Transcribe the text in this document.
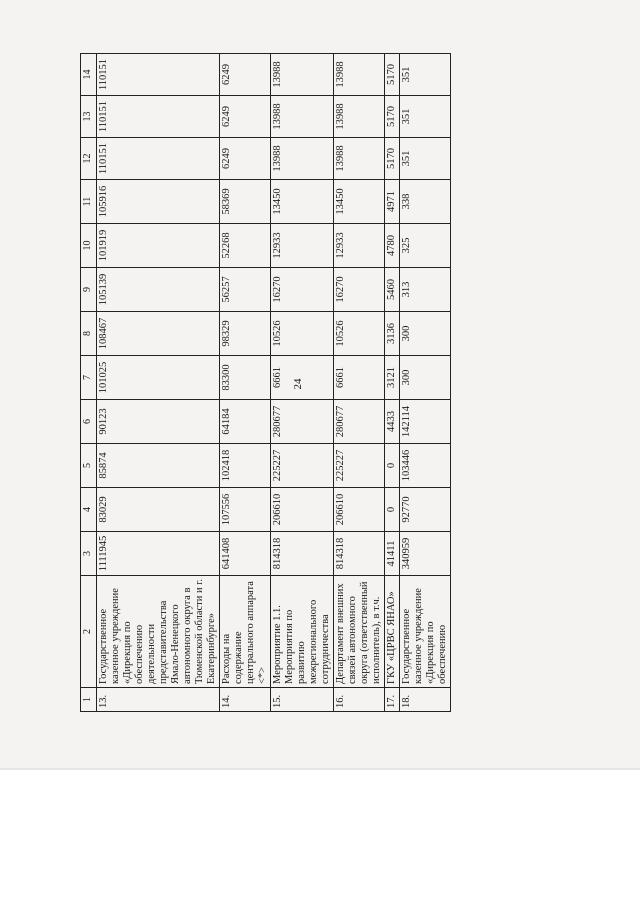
24
1	2	3	4	5	6	7	8	9	10	11	12	13	14
13.	Государственное казенное учреждение «Дирекция по обеспечению деятельности представительства Ямало-Ненецкого автономного округа в Тюменской области и г. Екатеринбурге»	1111945	83029	85874	90123	101025	108467	105139	101919	105916	110151	110151	110151
14.	Расходы на содержание центрального аппарата <*>	641408	107556	102418	64184	83300	98329	56257	52268	58369	6249	6249	6249
15.	Мероприятие 1.1. Мероприятия по развитию межрегионального сотрудничества	814318	206610	225227	280677	6661	10526	16270	12933	13450	13988	13988	13988
16.	Департамент внешних связей автономного округа (ответственный исполнитель), в т.ч.	814318	206610	225227	280677	6661	10526	16270	12933	13450	13988	13988	13988
17.	ГКУ «ЦРВС ЯНАО»	41411	0	0	4433	3121	3136	5460	4780	4971	5170	5170	5170
18.	Государственное казенное учреждение «Дирекция по обеспечению	340959	92770	103446	142114	300	300	313	325	338	351	351	351
